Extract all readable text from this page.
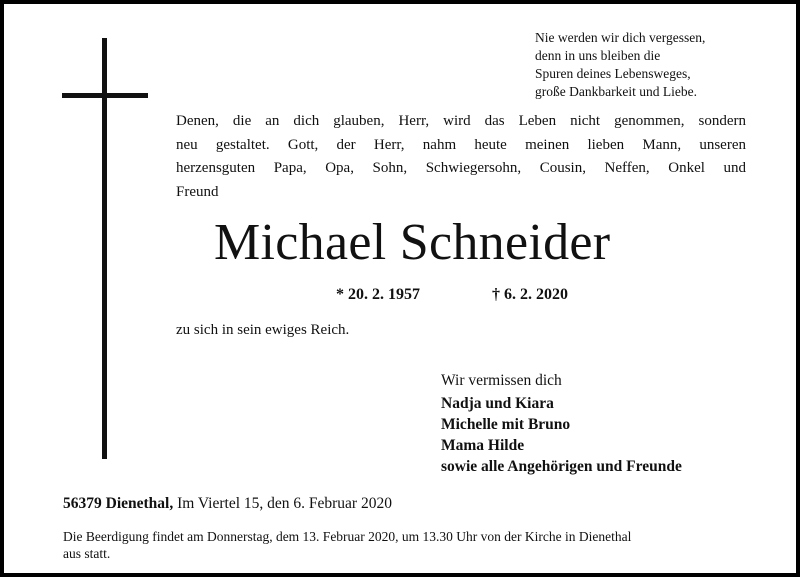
Nie werden wir dich vergessen,
denn in uns bleiben die
Spuren deines Lebensweges,
große Dankbarkeit und Liebe.
Denen, die an dich glauben, Herr, wird das Leben nicht genommen, sondern
neu gestaltet. Gott, der Herr, nahm heute meinen lieben Mann, unseren
herzensguten Papa, Opa, Sohn, Schwiegersohn, Cousin, Neffen, Onkel und
Freund
Michael Schneider
* 20. 2. 1957	† 6. 2. 2020
zu sich in sein ewiges Reich.
Wir vermissen dich
Nadja und Kiara
Michelle mit Bruno
Mama Hilde
sowie alle Angehörigen und Freunde
56379 Dienethal, Im Viertel 15, den 6. Februar 2020
Die Beerdigung findet am Donnerstag, dem 13. Februar 2020, um 13.30 Uhr von der Kirche in Dienethal
aus statt.
